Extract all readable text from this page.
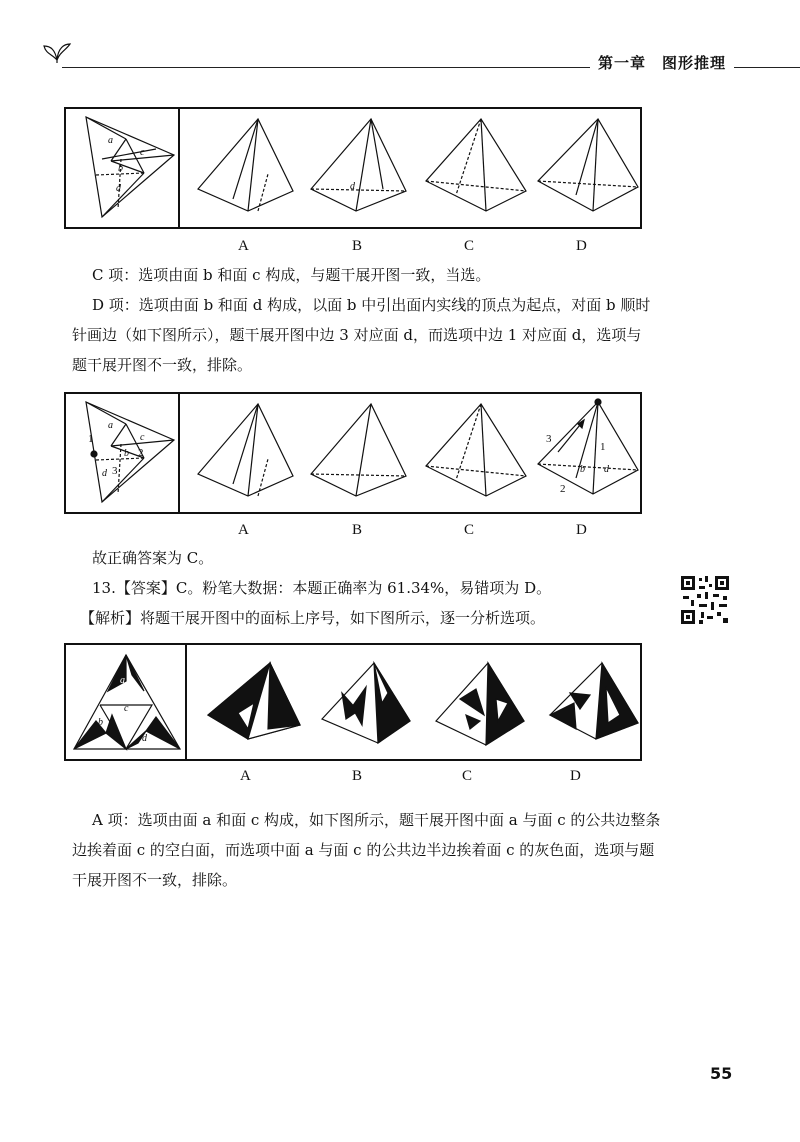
第一章　图形推理
a
c
b
d	d
A	B	C	D
C 项：选项由面 b 和面 c 构成，与题干展开图一致，当选。
D 项：选项由面 b 和面 d 构成，以面 b 中引出面内实线的顶点为起点，对面 b 顺时针画边（如下图所示），题干展开图中边 3 对应面 d，而选项中边 1 对应面 d，选项与题干展开图不一致，排除。
1
2
3
a
c
b
d
3
1
2
b d
A	B	C	D
故正确答案为 C。
13.【答案】C。粉笔大数据：本题正确率为 61.34%，易错项为 D。
【解析】将题干展开图中的面标上序号，如下图所示，逐一分析选项。
a
b
c
d
A	B	C	D
A 项：选项由面 a 和面 c 构成，如下图所示，题干展开图中面 a 与面 c 的公共边整条边挨着面 c 的空白面，而选项中面 a 与面 c 的公共边半边挨着面 c 的灰色面，选项与题干展开图不一致，排除。
55
